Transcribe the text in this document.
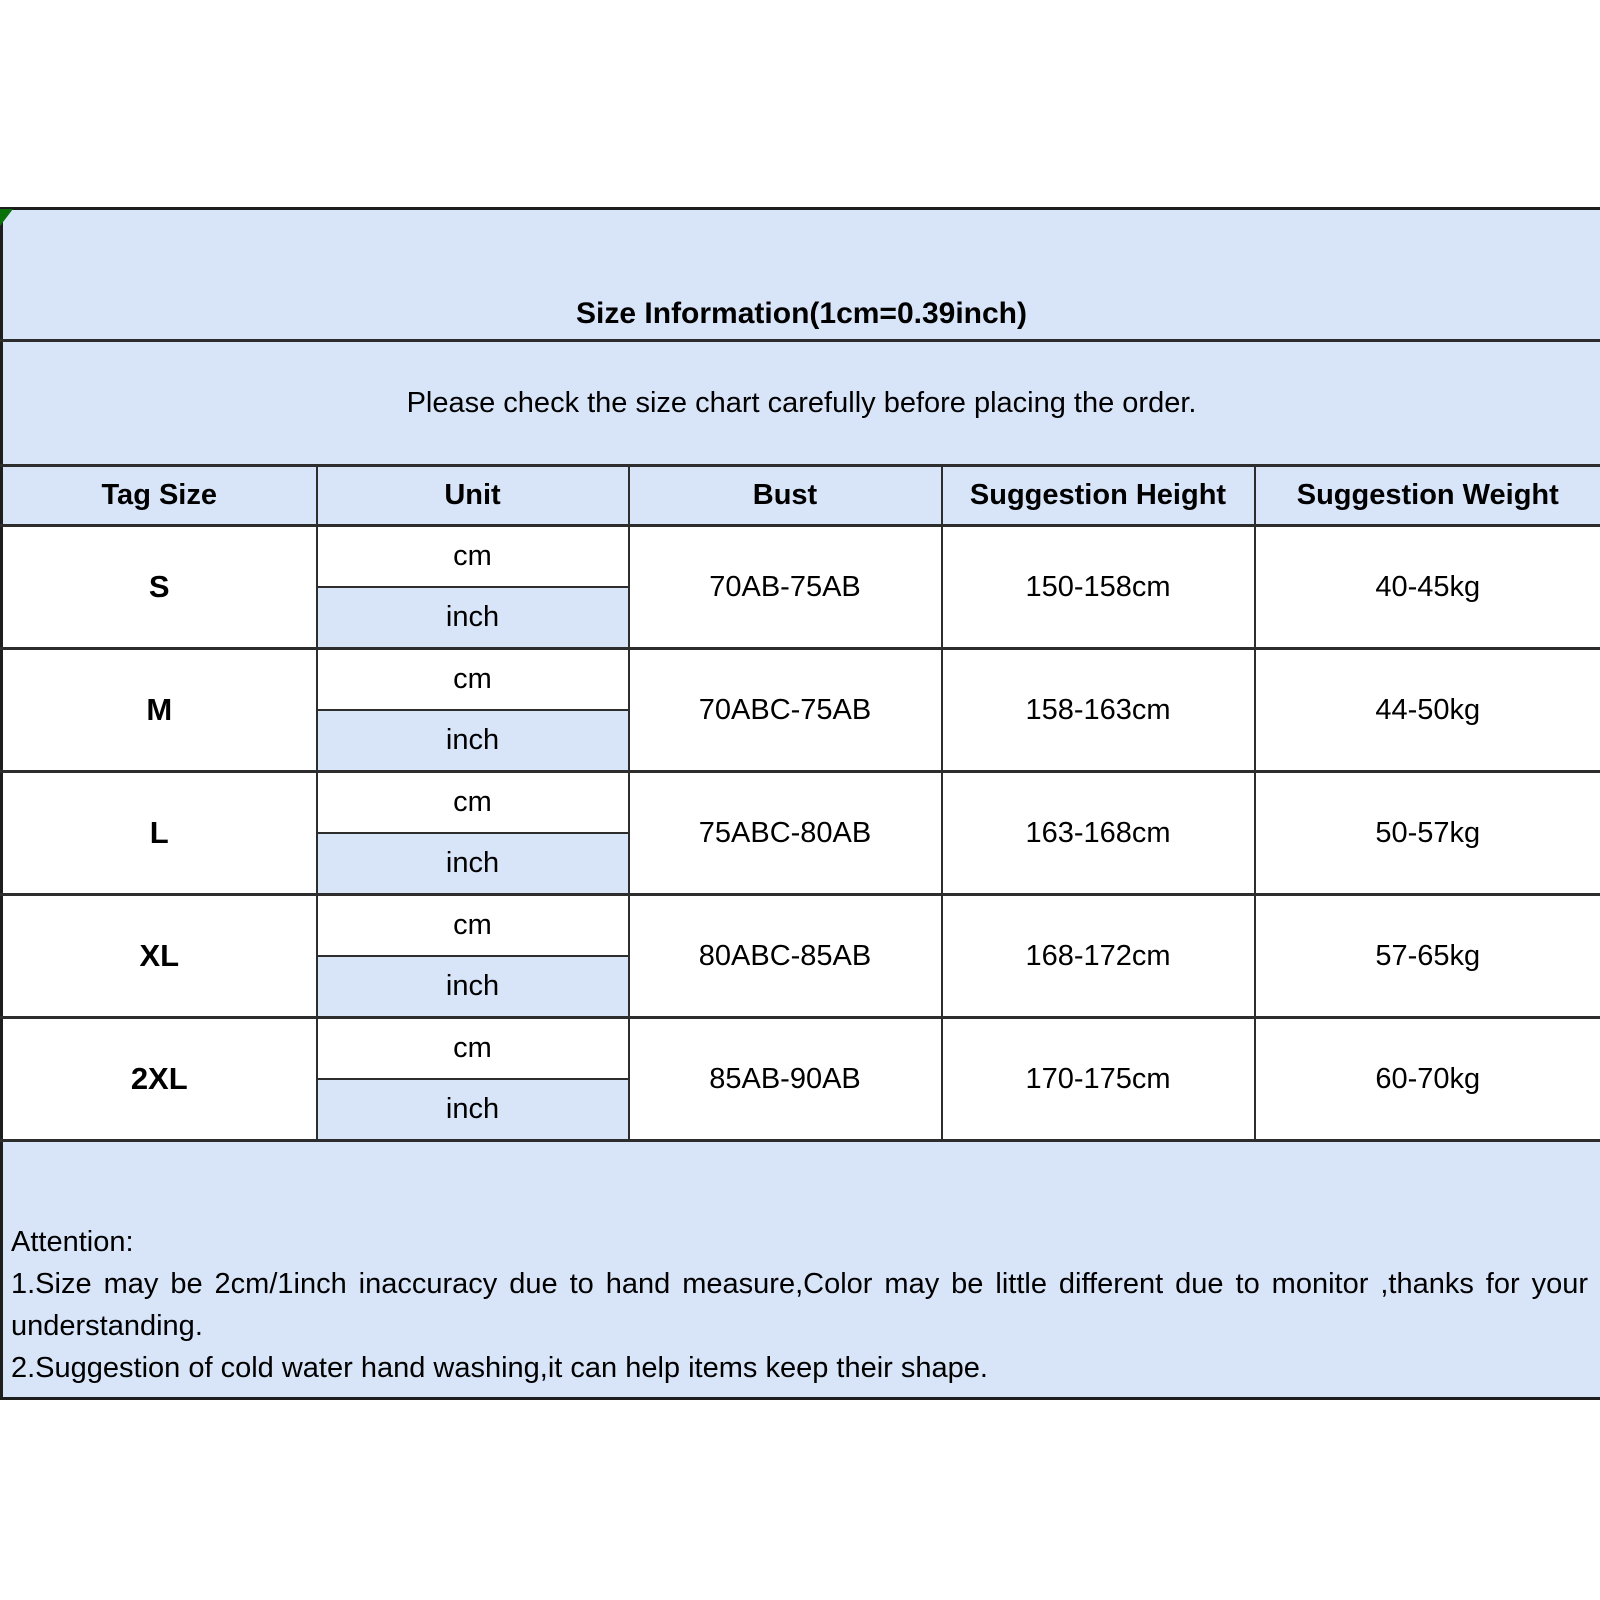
Size Information(1cm=0.39inch)				
Please check the size chart carefully before placing the order.				
Tag Size	Unit	Bust	Suggestion Height	Suggestion Weight
S	cm	70AB-75AB	150-158cm	40-45kg
	inch			
M	cm	70ABC-75AB	158-163cm	44-50kg
	inch			
L	cm	75ABC-80AB	163-168cm	50-57kg
	inch			
XL	cm	80ABC-85AB	168-172cm	57-65kg
	inch			
2XL	cm	85AB-90AB	170-175cm	60-70kg
	inch			

Attention:

1.Size may be 2cm/1inch inaccuracy due to hand measure,Color may be little different due to monitor ,thanks for your understanding.

2.Suggestion of cold water hand washing,it can help items keep their shape.				
